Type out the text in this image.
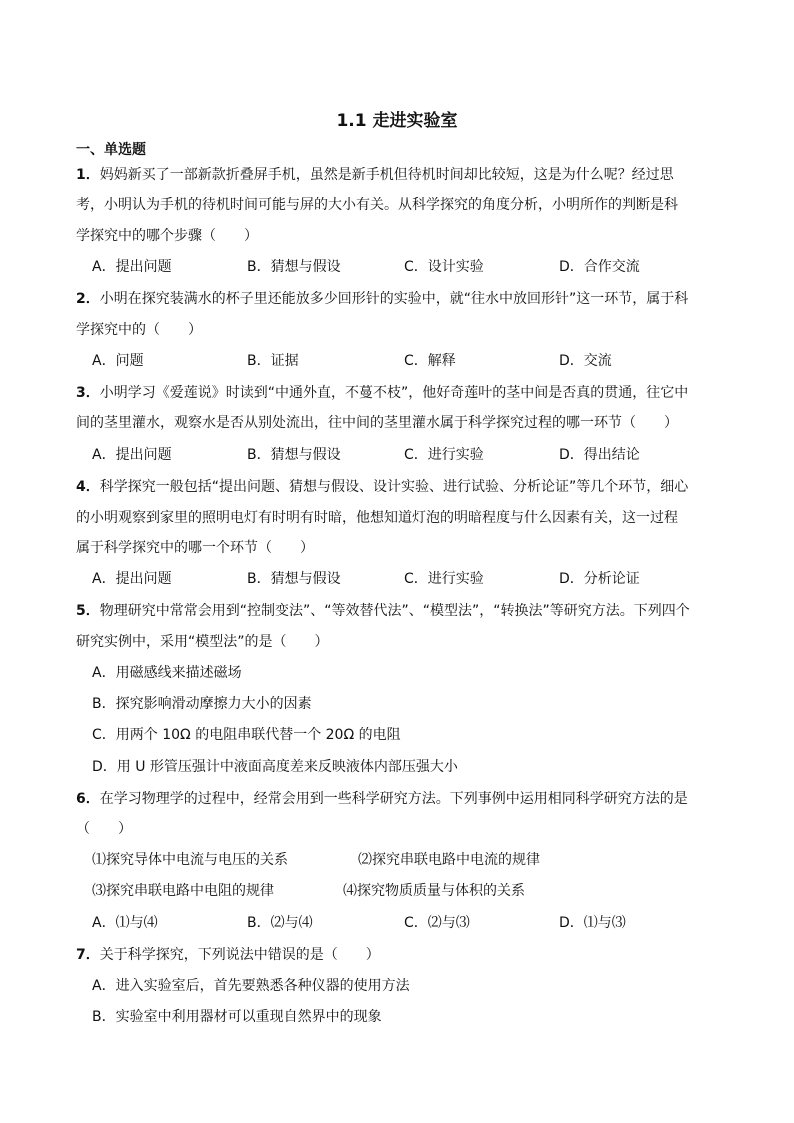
1.1 走进实验室
一、单选题
1．妈妈新买了一部新款折叠屏手机，虽然是新手机但待机时间却比较短，这是为什么呢？经过思
考，小明认为手机的待机时间可能与屏的大小有关。从科学探究的角度分析，小明所作的判断是科
学探究中的哪个步骤（　　）
A．提出问题	B．猜想与假设	C．设计实验	D．合作交流
2．小明在探究装满水的杯子里还能放多少回形针的实验中，就“往水中放回形针”这一环节，属于科
学探究中的（　　）
A．问题	B．证据	C．解释	D．交流
3．小明学习《爱莲说》时读到“中通外直，不蔓不枝”，他好奇莲叶的茎中间是否真的贯通，往它中
间的茎里灌水，观察水是否从别处流出，往中间的茎里灌水属于科学探究过程的哪一环节（　　）
A．提出问题	B．猜想与假设	C．进行实验	D．得出结论
4．科学探究一般包括“提出问题、猜想与假设、设计实验、进行试验、分析论证”等几个环节，细心
的小明观察到家里的照明电灯有时明有时暗，他想知道灯泡的明暗程度与什么因素有关，这一过程
属于科学探究中的哪一个环节（　　）
A．提出问题	B．猜想与假设	C．进行实验	D．分析论证
5．物理研究中常常会用到“控制变法”、“等效替代法”、“模型法”，“转换法”等研究方法。下列四个
研究实例中，采用“模型法”的是（　　）
A．用磁感线来描述磁场
B．探究影响滑动摩擦力大小的因素
C．用两个 10Ω 的电阻串联代替一个 20Ω 的电阻
D．用 U 形管压强计中液面高度差来反映液体内部压强大小
6．在学习物理学的过程中，经常会用到一些科学研究方法。下列事例中运用相同科学研究方法的是
（　　）
⑴探究导体中电流与电压的关系	⑵探究串联电路中电流的规律
⑶探究串联电路中电阻的规律	⑷探究物质质量与体积的关系
A．⑴与⑷	B．⑵与⑷	C．⑵与⑶	D．⑴与⑶
7．关于科学探究，下列说法中错误的是（　　）
A．进入实验室后，首先要熟悉各种仪器的使用方法
B．实验室中利用器材可以重现自然界中的现象
